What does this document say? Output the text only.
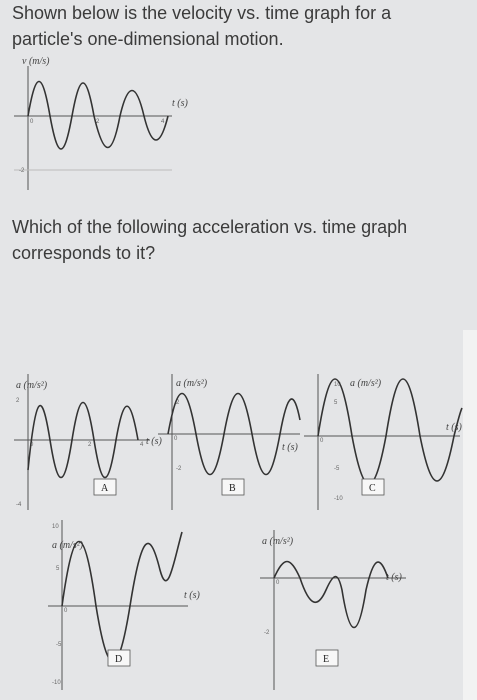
Shown below is the velocity vs. time graph for a particle's one-dimensional motion.

Which of the following acceleration vs. time graph corresponds to it?

v (m/s)
t (s)
0	2	4
-2
a (m/s²)
t (s)
2
0	2	4
-4
A
a (m/s²)
t (s)
0
2
-2
B
a (m/s²)
t (s)
10
5
0
-5
-10
C
a (m/s²)
t (s)
10
5
0
-5
-10
D
a (m/s²)
t (s)
0
-2
E
